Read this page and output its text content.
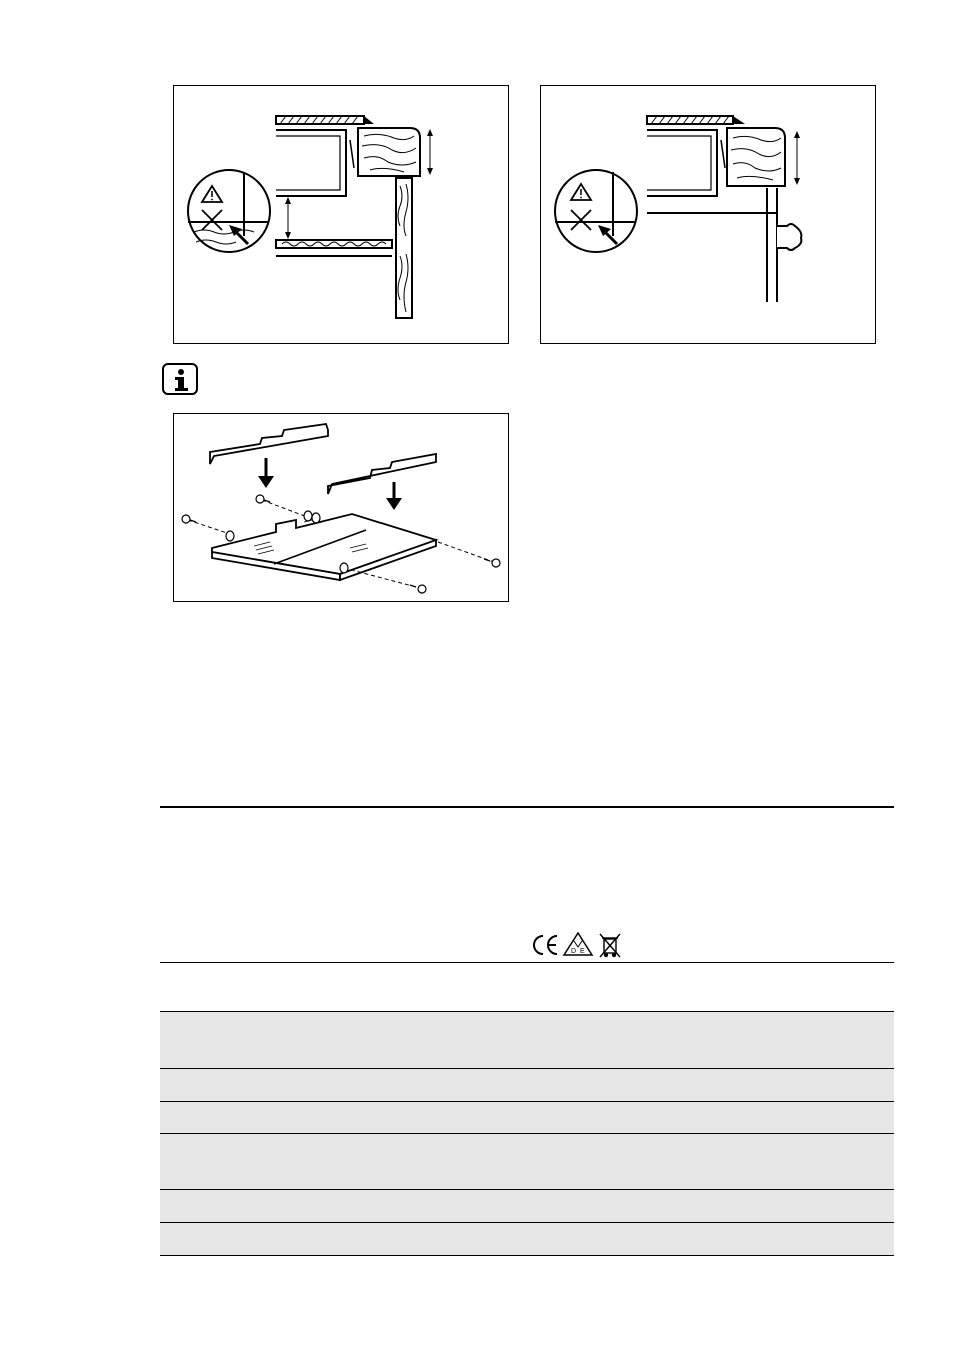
D E
